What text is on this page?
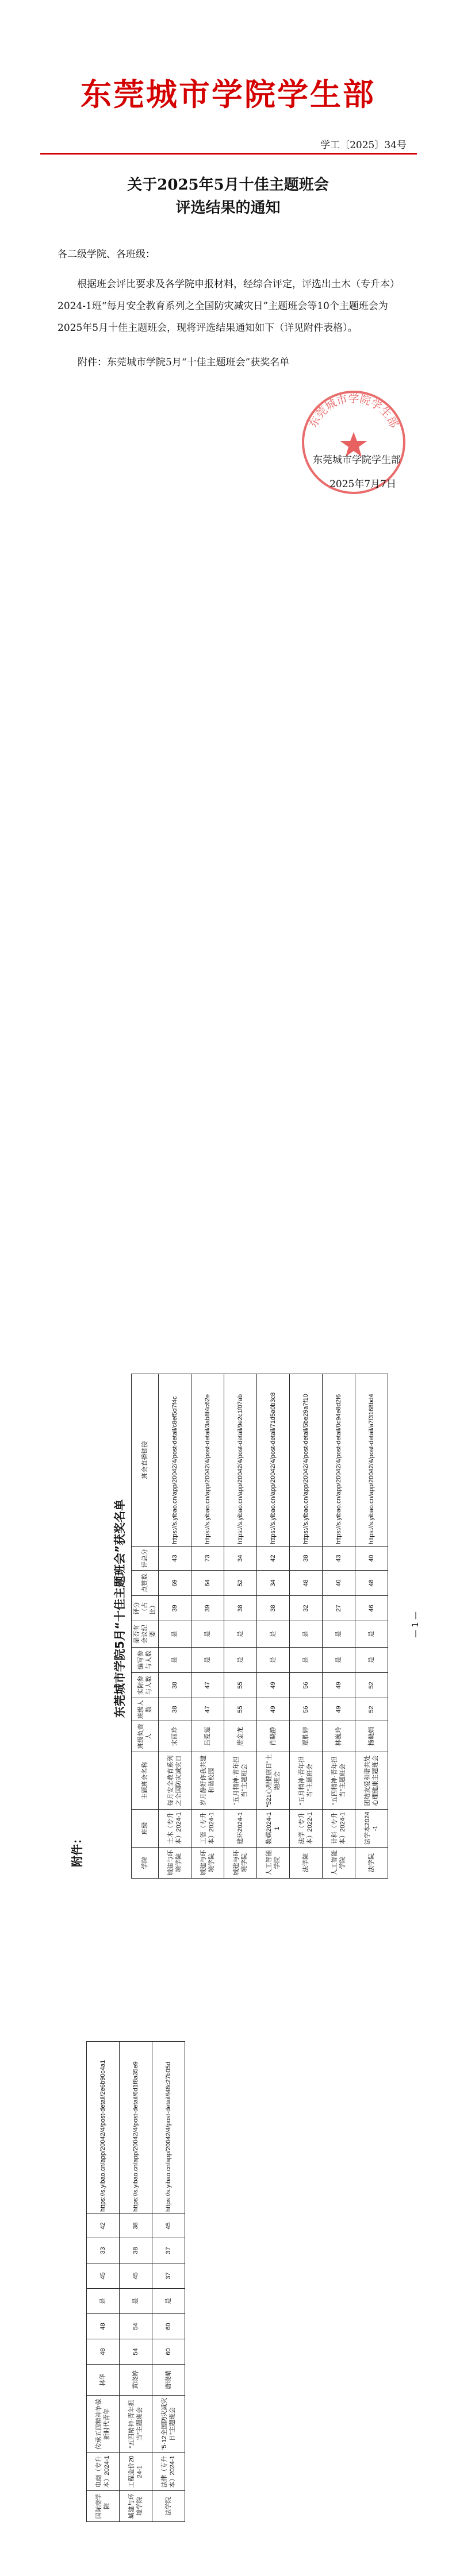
东莞城市学院学生部
学工〔2025〕34号
关于2025年5月十佳主题班会
评选结果的通知
各二级学院、各班级：

根据班会评比要求及各学院申报材料，经综合评定，评选出土木（专升本）2024-1班“每月安全教育系列之全国防灾减灾日”主题班会等10个主题班会为2025年5月十佳主题班会，现将评选结果通知如下（详见附件表格）。

附件：东莞城市学院5月“十佳主题班会”获奖名单
东莞城市学院学生部
东莞城市学院学生部
2025年7月7日
附件：
东莞城市学院5月“十佳主题班会”获奖名单
学院	班级	主题班会名称	班级负责人	班级人数	实际参与人数	编写参与人数	是否有会议纪要	评分（占比）	点赞数	评总分	班会直播链接
城建与环境学院	土木（专升本）2024-1	每月安全教育系列之全国防灾减灾日	宋丽珍	38	38	是	是	39	69	43	https://s.yibao.cn/app/20042/4/post-detail/c8ef5d7f4c
城建与环境学院	工管（专升本）2024-1	岁月静好你我共建和谐校园	吕爱莲	47	47	是	是	39	64	73	https://s.yibao.cn/app/20042/4/post-detail/3ab8f4c62e
城建与环境学院	建环2024-1	“五月精神·青年担当”主题班会	唐金龙	55	55	是	是	38	52	34	https://s.yibao.cn/app/20042/4/post-detail/9e2c1f07ab
人工智能学院	数媒2024-11	“521心理健康日”主题班会	肖晓静	49	49	是	是	38	34	42	https://s.yibao.cn/app/20042/4/post-detail/71d5a0b3c8
法学院	法学（专升本）2022-1	“五月精神·青年担当”主题班会	覃胜婷	56	56	是	是	32	48	38	https://s.yibao.cn/app/20042/4/post-detail/5be29a7f10
人工智能学院	计科（专升本）2024-1	“五四精神·青年担当”主题班会	林巍玲	49	49	是	是	27	40	43	https://s.yibao.cn/app/20042/4/post-detail/0c94e8d2f6
法学院	法学本2024-1	团结友爱和谐共处心理健康主题班会	杨晓娟	52	52	是	是	46	48	40	https://s.yibao.cn/app/20042/4/post-detail/a7f3168bd4
— 1 —
国际商学院	电商（专升本）2024-1	传承五四精神争做新时代青年	林华	48	48	是	45	33	42	https://s.yibao.cn/app/20042/4/post-detail/2e6b90c4a1
城建与环境学院	工程造价2024-1	“五四精神·青年担当”主题班会	黄晓婷	54	54	是	45	38	38	https://s.yibao.cn/app/20042/4/post-detail/6d1f8a35e9
法学院	法律（专升本）2024-1	“5·12全国防灾减灾日”主题班会	唐晓晴	60	60	是	37	37	45	https://s.yibao.cn/app/20042/4/post-detail/f48c27b05d
